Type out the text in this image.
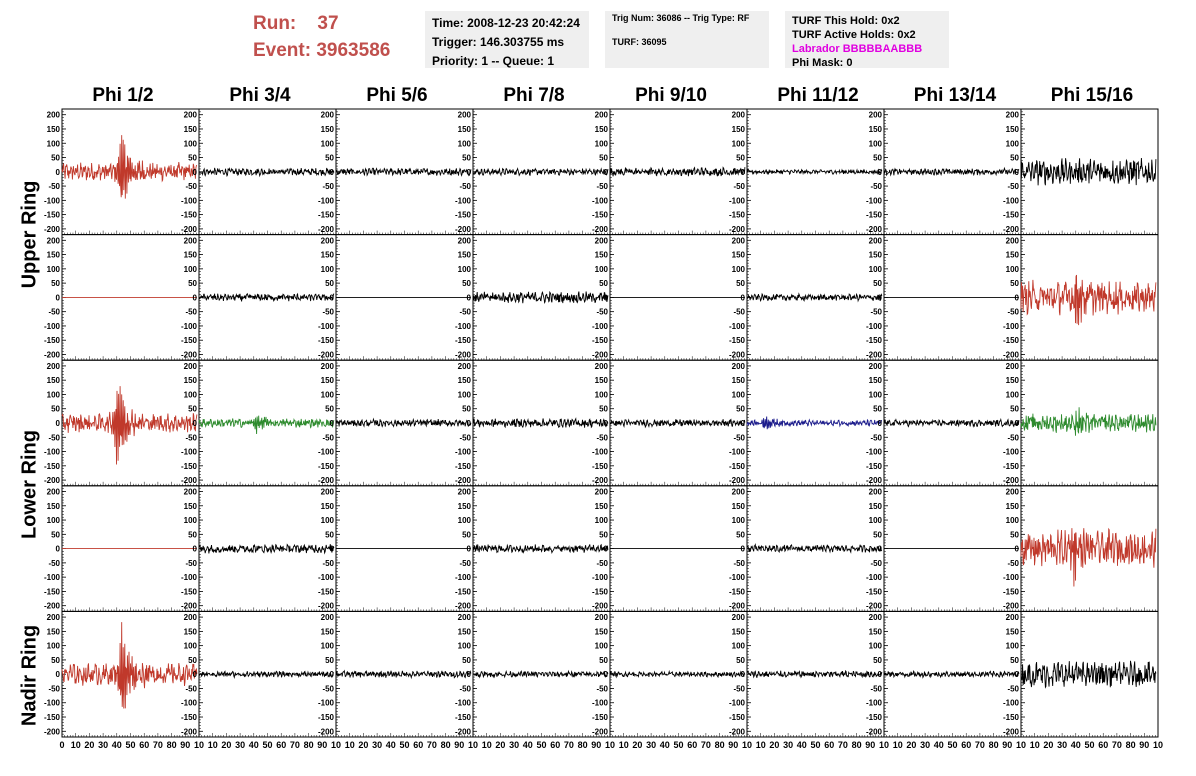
Run: 37
Event: 3963586
Time: 2008-12-23 20:42:24
Trigger: 146.303755 ms
Priority: 1 -- Queue: 1
Trig Num: 36086 -- Trig Type: RF
TURF: 36095
TURF This Hold: 0x2
TURF Active Holds: 0x2
Labrador BBBBBAABBB
Phi Mask: 0
Phi 1/2	Phi 3/4	Phi 5/6	Phi 7/8	Phi 9/10	Phi 11/12	Phi 13/14	Phi 15/16
Upper Ring
Lower Ring
Nadir Ring
200
150
100
50
0
-50
-100
-150
-200
200
150
100
50
0
-50
-100
-150
-200
200
150
100
50
0
-50
-100
-150
-200
200
150
100
50
0
-50
-100
-150
-200
200
150
100
50
0
-50
-100
-150
-200
200
150
100
50
0
-50
-100
-150
-200
200
150
100
50
0
-50
-100
-150
-200
200
150
100
50
0
-50
-100
-150
-200
200
150
100
50
0
-50
-100
-150
-200
200
150
100
50
0
-50
-100
-150
-200
200
150
100
50
0
-50
-100
-150
-200
200
150
100
50
0
-50
-100
-150
-200
200
150
100
50
0
-50
-100
-150
-200
200
150
100
50
0
-50
-100
-150
-200
200
150
100
50
0
-50
-100
-150
-200
200
150
100
50
0
-50
-100
-150
-200
200
150
100
50
0
-50
-100
-150
-200
200
150
100
50
0
-50
-100
-150
-200
200
150
100
50
0
-50
-100
-150
-200
200
150
100
50
0
-50
-100
-150
-200
200
150
100
50
0
-50
-100
-150
-200
200
150
100
50
0
-50
-100
-150
-200
200
150
100
50
0
-50
-100
-150
-200
200
150
100
50
0
-50
-100
-150
-200
200
150
100
50
0
-50
-100
-150
-200
200
150
100
50
0
-50
-100
-150
-200
200
150
100
50
0
-50
-100
-150
-200
200
150
100
50
0
-50
-100
-150
-200
200
150
100
50
0
-50
-100
-150
-200
200
150
100
50
0
-50
-100
-150
-200
200
150
100
50
0
-50
-100
-150
-200
200
150
100
50
0
-50
-100
-150
-200
200
150
100
50
0
-50
-100
-150
-200
200
150
100
50
0
-50
-100
-150
-200
200
150
100
50
0
-50
-100
-150
-200
200
150
100
50
0
-50
-100
-150
-200
200
150
100
50
0
-50
-100
-150
-200
200
150
100
50
0
-50
-100
-150
-200
200
150
100
50
0
-50
-100
-150
-200
200
150
100
50
0
-50
-100
-150
-200
0 10 20 30 40 50 60 70 80 90 10 10 20 30 40 50 60 70 80 90 10 10 20 30 40 50 60 70 80 90 10 10 20 30 40 50 60 70 80 90 10 10 20 30 40 50 60 70 80 90 10 10 20 30 40 50 60 70 80 90 10 10 20 30 40 50 60 70 80 90 10 10 20 30 40 50 60 70 80 90 10
